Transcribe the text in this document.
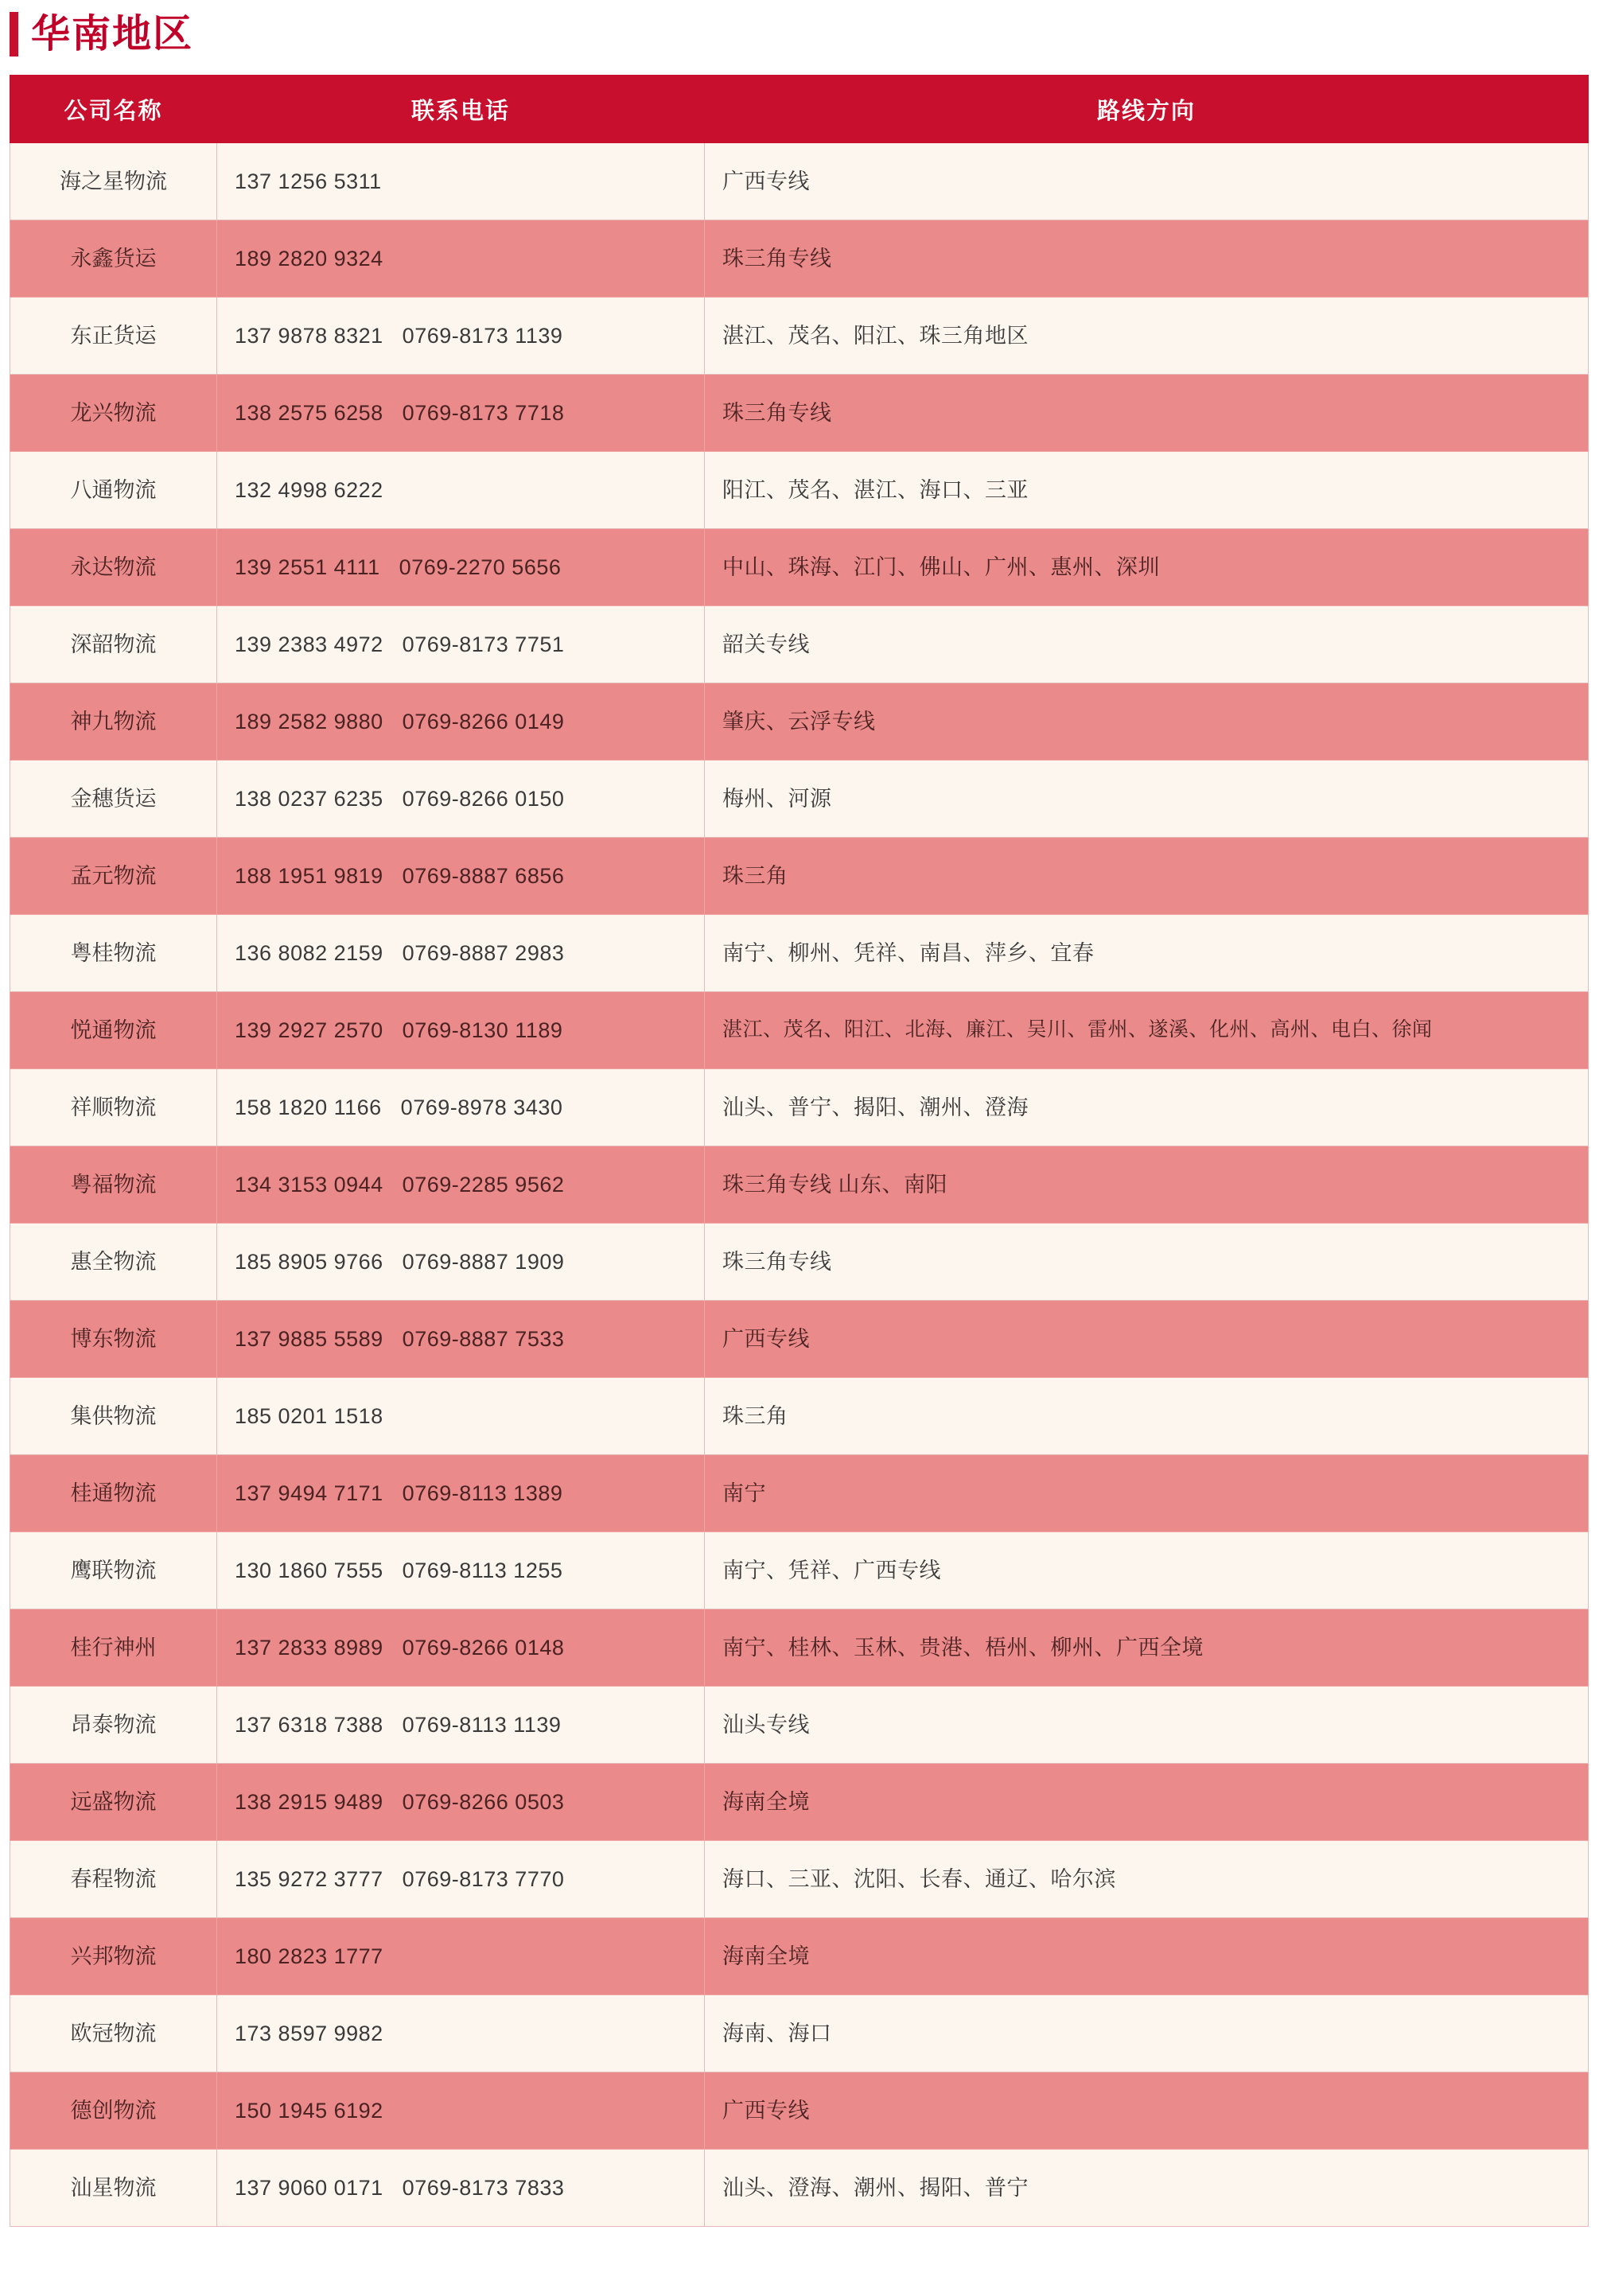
华南地区
公司名称	联系电话	路线方向
海之星物流	137 1256 5311	广西专线
永鑫货运	189 2820 9324	珠三角专线
东正货运	137 9878 8321   0769-8173 1139	湛江、茂名、阳江、珠三角地区
龙兴物流	138 2575 6258   0769-8173 7718	珠三角专线
八通物流	132 4998 6222	阳江、茂名、湛江、海口、三亚
永达物流	139 2551 4111   0769-2270 5656	中山、珠海、江门、佛山、广州、惠州、深圳
深韶物流	139 2383 4972   0769-8173 7751	韶关专线
神九物流	189 2582 9880   0769-8266 0149	肇庆、云浮专线
金穗货运	138 0237 6235   0769-8266 0150	梅州、河源
孟元物流	188 1951 9819   0769-8887 6856	珠三角
粤桂物流	136 8082 2159   0769-8887 2983	南宁、柳州、凭祥、南昌、萍乡、宜春
悦通物流	139 2927 2570   0769-8130 1189	湛江、茂名、阳江、北海、廉江、吴川、雷州、遂溪、化州、高州、电白、徐闻
祥顺物流	158 1820 1166   0769-8978 3430	汕头、普宁、揭阳、潮州、澄海
粤福物流	134 3153 0944   0769-2285 9562	珠三角专线 山东、南阳
惠全物流	185 8905 9766   0769-8887 1909	珠三角专线
博东物流	137 9885 5589   0769-8887 7533	广西专线
集供物流	185 0201 1518	珠三角
桂通物流	137 9494 7171   0769-8113 1389	南宁
鹰联物流	130 1860 7555   0769-8113 1255	南宁、凭祥、广西专线
桂行神州	137 2833 8989   0769-8266 0148	南宁、桂林、玉林、贵港、梧州、柳州、广西全境
昂泰物流	137 6318 7388   0769-8113 1139	汕头专线
远盛物流	138 2915 9489   0769-8266 0503	海南全境
春程物流	135 9272 3777   0769-8173 7770	海口、三亚、沈阳、长春、通辽、哈尔滨
兴邦物流	180 2823 1777	海南全境
欧冠物流	173 8597 9982	海南、海口
德创物流	150 1945 6192	广西专线
汕星物流	137 9060 0171   0769-8173 7833	汕头、澄海、潮州、揭阳、普宁
